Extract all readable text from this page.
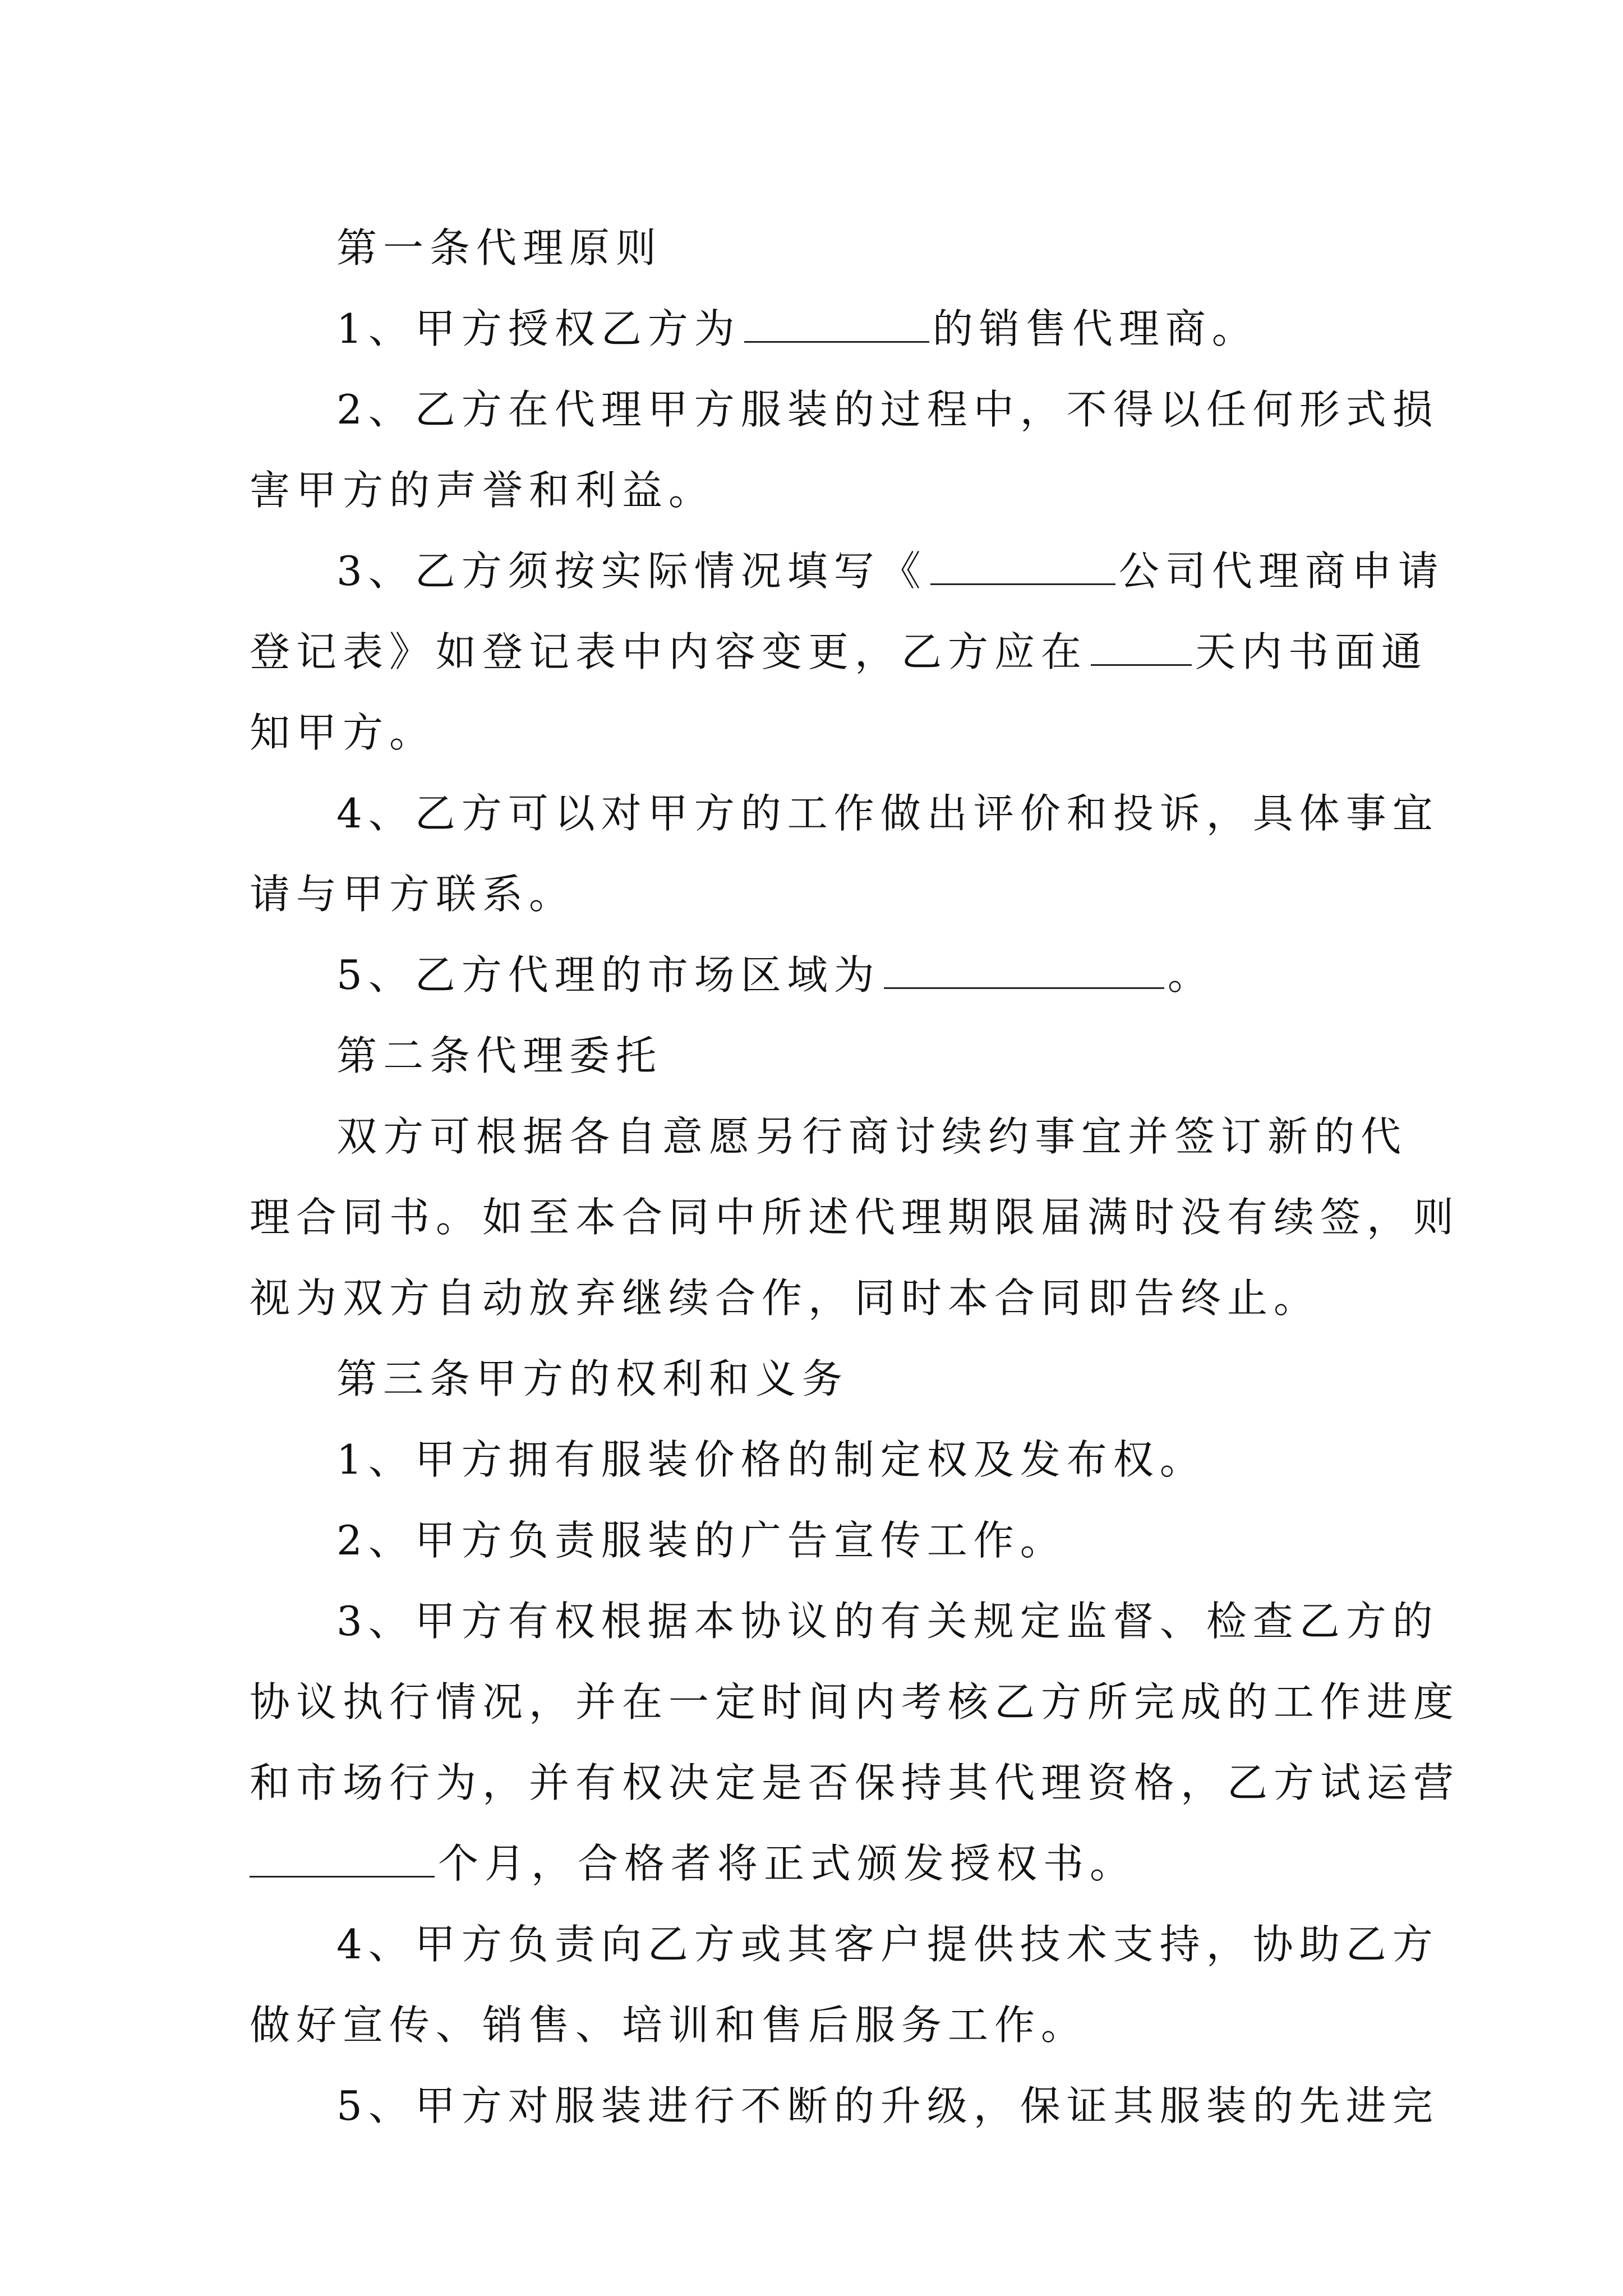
第一条代理原则
1、甲方授权乙方为	的销售代理商。
2、乙方在代理甲方服装的过程中，不得以任何形式损
害甲方的声誉和利益。
3、乙方须按实际情况填写《	公司代理商申请
登记表》如登记表中内容变更，乙方应在	天内书面通
知甲方。
4、乙方可以对甲方的工作做出评价和投诉，具体事宜
请与甲方联系。
5、乙方代理的市场区域为	。
第二条代理委托
双方可根据各自意愿另行商讨续约事宜并签订新的代
理合同书。如至本合同中所述代理期限届满时没有续签，则
视为双方自动放弃继续合作，同时本合同即告终止。
第三条甲方的权利和义务
1、甲方拥有服装价格的制定权及发布权。
2、甲方负责服装的广告宣传工作。
3、甲方有权根据本协议的有关规定监督、检查乙方的
协议执行情况，并在一定时间内考核乙方所完成的工作进度
和市场行为，并有权决定是否保持其代理资格，乙方试运营
个月，合格者将正式颁发授权书。
4、甲方负责向乙方或其客户提供技术支持，协助乙方
做好宣传、销售、培训和售后服务工作。
5、甲方对服装进行不断的升级，保证其服装的先进完
